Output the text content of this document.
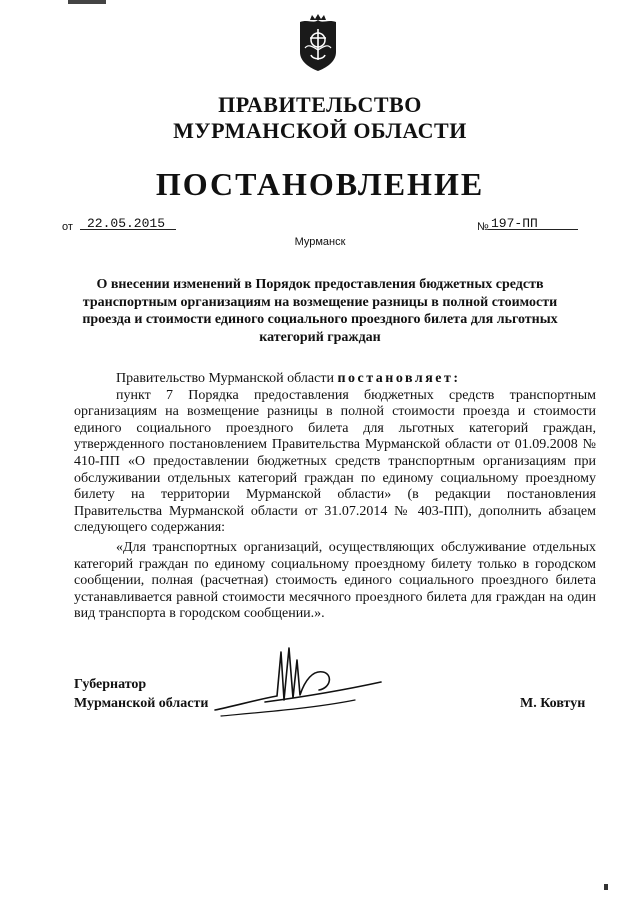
ПРАВИТЕЛЬСТВО
МУРМАНСКОЙ ОБЛАСТИ
ПОСТАНОВЛЕНИЕ
от 22.05.2015	№ 197-ПП
Мурманск
О внесении изменений в Порядок предоставления бюджетных средств транспортным организациям на возмещение разницы в полной стоимости проезда и стоимости единого социального проездного билета для льготных категорий граждан

Правительство Мурманской области постановляет:

пункт 7 Порядка предоставления бюджетных средств транспортным организациям на возмещение разницы в полной стоимости проезда и стоимости единого социального проездного билета для льготных категорий граждан, утвержденного постановлением Правительства Мурманской области от 01.09.2008 № 410-ПП «О предоставлении бюджетных средств транспортным организациям при обслуживании отдельных категорий граждан по единому социальному проездному билету на территории Мурманской области» (в редакции постановления Правительства Мурманской области от 31.07.2014 № 403-ПП), дополнить абзацем следующего содержания:

«Для транспортных организаций, осуществляющих обслуживание отдельных категорий граждан по единому социальному проездному билету только в городском сообщении, полная (расчетная) стоимость единого социального проездного билета устанавливается равной стоимости месячного проездного билета для граждан на один вид транспорта в городском сообщении.».

Губернатор
Мурманской области	М. Ковтун
